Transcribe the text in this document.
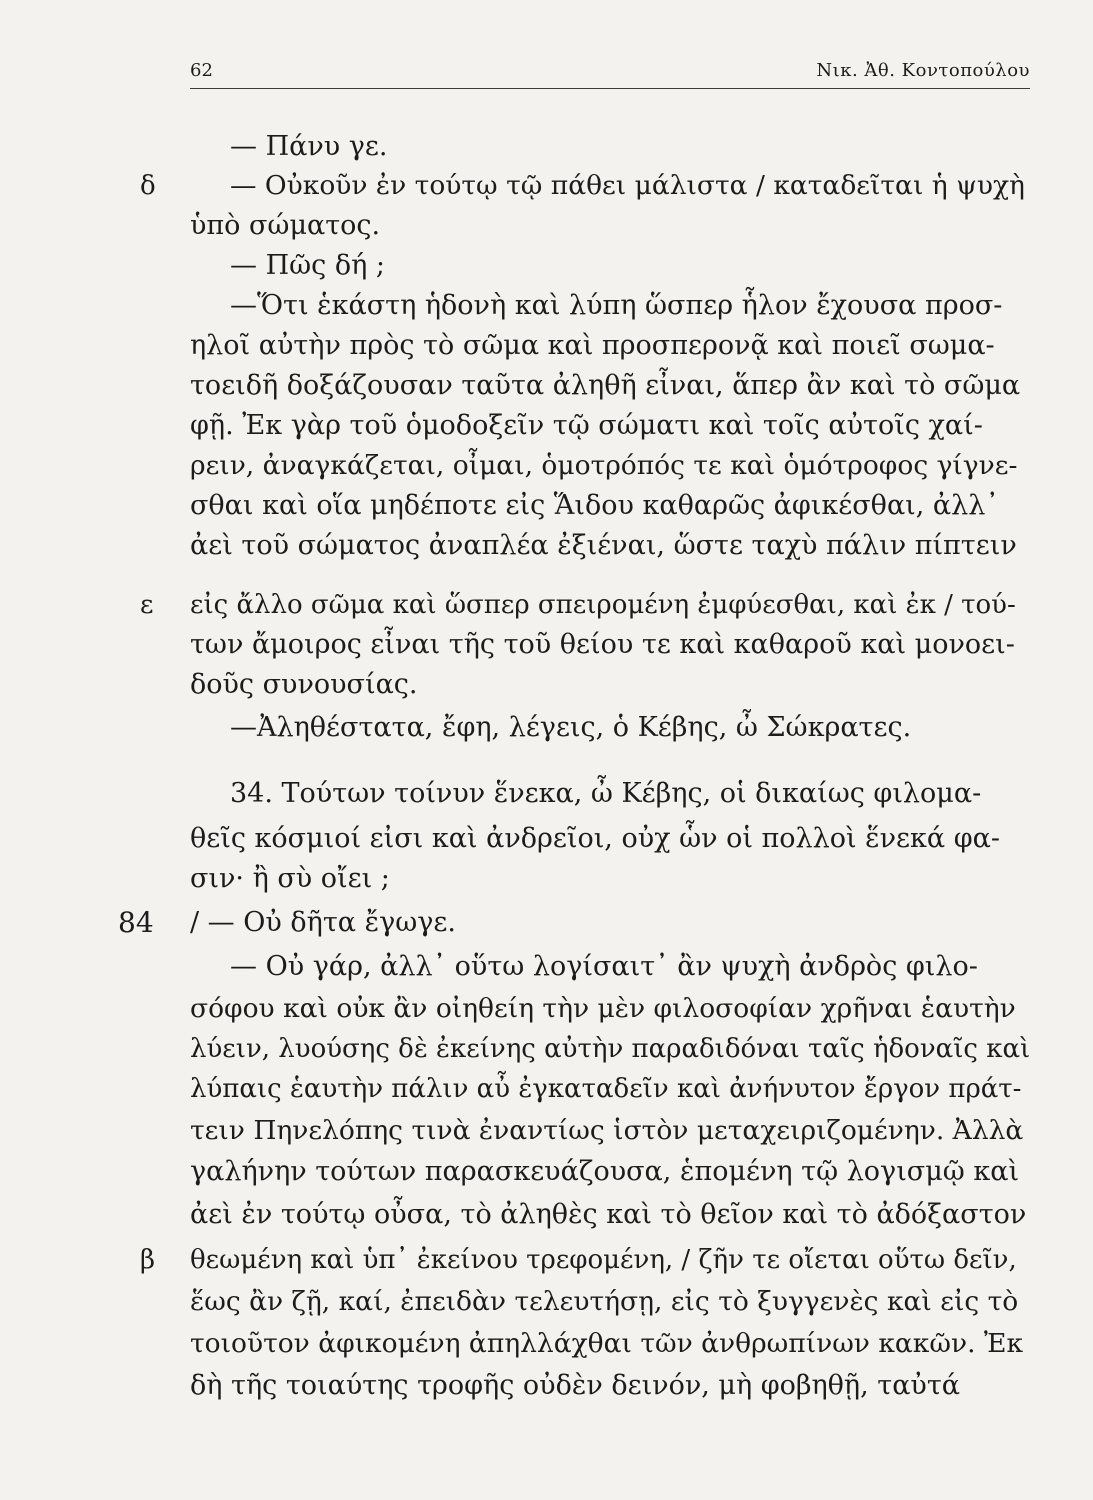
62	Νικ. Ἀθ. Κοντοπούλου
δ
ε
84
β
— Πάνυ γε.
— Οὐκοῦν ἐν τούτῳ τῷ πάθει μάλιστα / καταδεῖται ἡ ψυχὴ
ὑπὸ σώματος.
— Πῶς δή ;
—Ὅτι ἑκάστη ἡδονὴ καὶ λύπη ὥσπερ ἧλον ἔχουσα προσ-
ηλοῖ αὐτὴν πρὸς τὸ σῶμα καὶ προσπερονᾷ καὶ ποιεῖ σωμα-
τοειδῆ δοξάζουσαν ταῦτα ἀληθῆ εἶναι, ἅπερ ἂν καὶ τὸ σῶμα
φῇ. Ἐκ γὰρ τοῦ ὁμοδοξεῖν τῷ σώματι καὶ τοῖς αὐτοῖς χαί-
ρειν, ἀναγκάζεται, οἶμαι, ὁμοτρόπός τε καὶ ὁμότροφος γίγνε-
σθαι καὶ οἵα μηδέποτε εἰς Ἅιδου καθαρῶς ἀφικέσθαι, ἀλλ᾽
ἀεὶ τοῦ σώματος ἀναπλέα ἐξιέναι, ὥστε ταχὺ πάλιν πίπτειν
εἰς ἄλλο σῶμα καὶ ὥσπερ σπειρομένη ἐμφύεσθαι, καὶ ἐκ / τού-
των ἄμοιρος εἶναι τῆς τοῦ θείου τε καὶ καθαροῦ καὶ μονοει-
δοῦς συνουσίας.
—Ἀληθέστατα, ἔφη, λέγεις, ὁ Κέβης, ὦ Σώκρατες.
34. Τούτων τοίνυν ἕνεκα, ὦ Κέβης, οἱ δικαίως φιλομα-
θεῖς κόσμιοί εἰσι καὶ ἀνδρεῖοι, οὐχ ὧν οἱ πολλοὶ ἕνεκά φα-
σιν· ἢ σὺ οἴει ;
/ — Οὐ δῆτα ἔγωγε.
— Οὐ γάρ, ἀλλ᾽ οὕτω λογίσαιτ᾽ ἂν ψυχὴ ἀνδρὸς φιλο-
σόφου καὶ οὐκ ἂν οἰηθείη τὴν μὲν φιλοσοφίαν χρῆναι ἑαυτὴν
λύειν, λυούσης δὲ ἐκείνης αὐτὴν παραδιδόναι ταῖς ἡδοναῖς καὶ
λύπαις ἑαυτὴν πάλιν αὖ ἐγκαταδεῖν καὶ ἀνήνυτον ἔργον πράτ-
τειν Πηνελόπης τινὰ ἐναντίως ἱστὸν μεταχειριζομένην. Ἀλλὰ
γαλήνην τούτων παρασκευάζουσα, ἑπομένη τῷ λογισμῷ καὶ
ἀεὶ ἐν τούτῳ οὖσα, τὸ ἀληθὲς καὶ τὸ θεῖον καὶ τὸ ἀδόξαστον
θεωμένη καὶ ὑπ᾽ ἐκείνου τρεφομένη, / ζῆν τε οἴεται οὕτω δεῖν,
ἕως ἂν ζῇ, καί, ἐπειδὰν τελευτήσῃ, εἰς τὸ ξυγγενὲς καὶ εἰς τὸ
τοιοῦτον ἀφικομένη ἀπηλλάχθαι τῶν ἀνθρωπίνων κακῶν. Ἐκ
δὴ τῆς τοιαύτης τροφῆς οὐδὲν δεινόν, μὴ φοβηθῇ, ταὐτά
